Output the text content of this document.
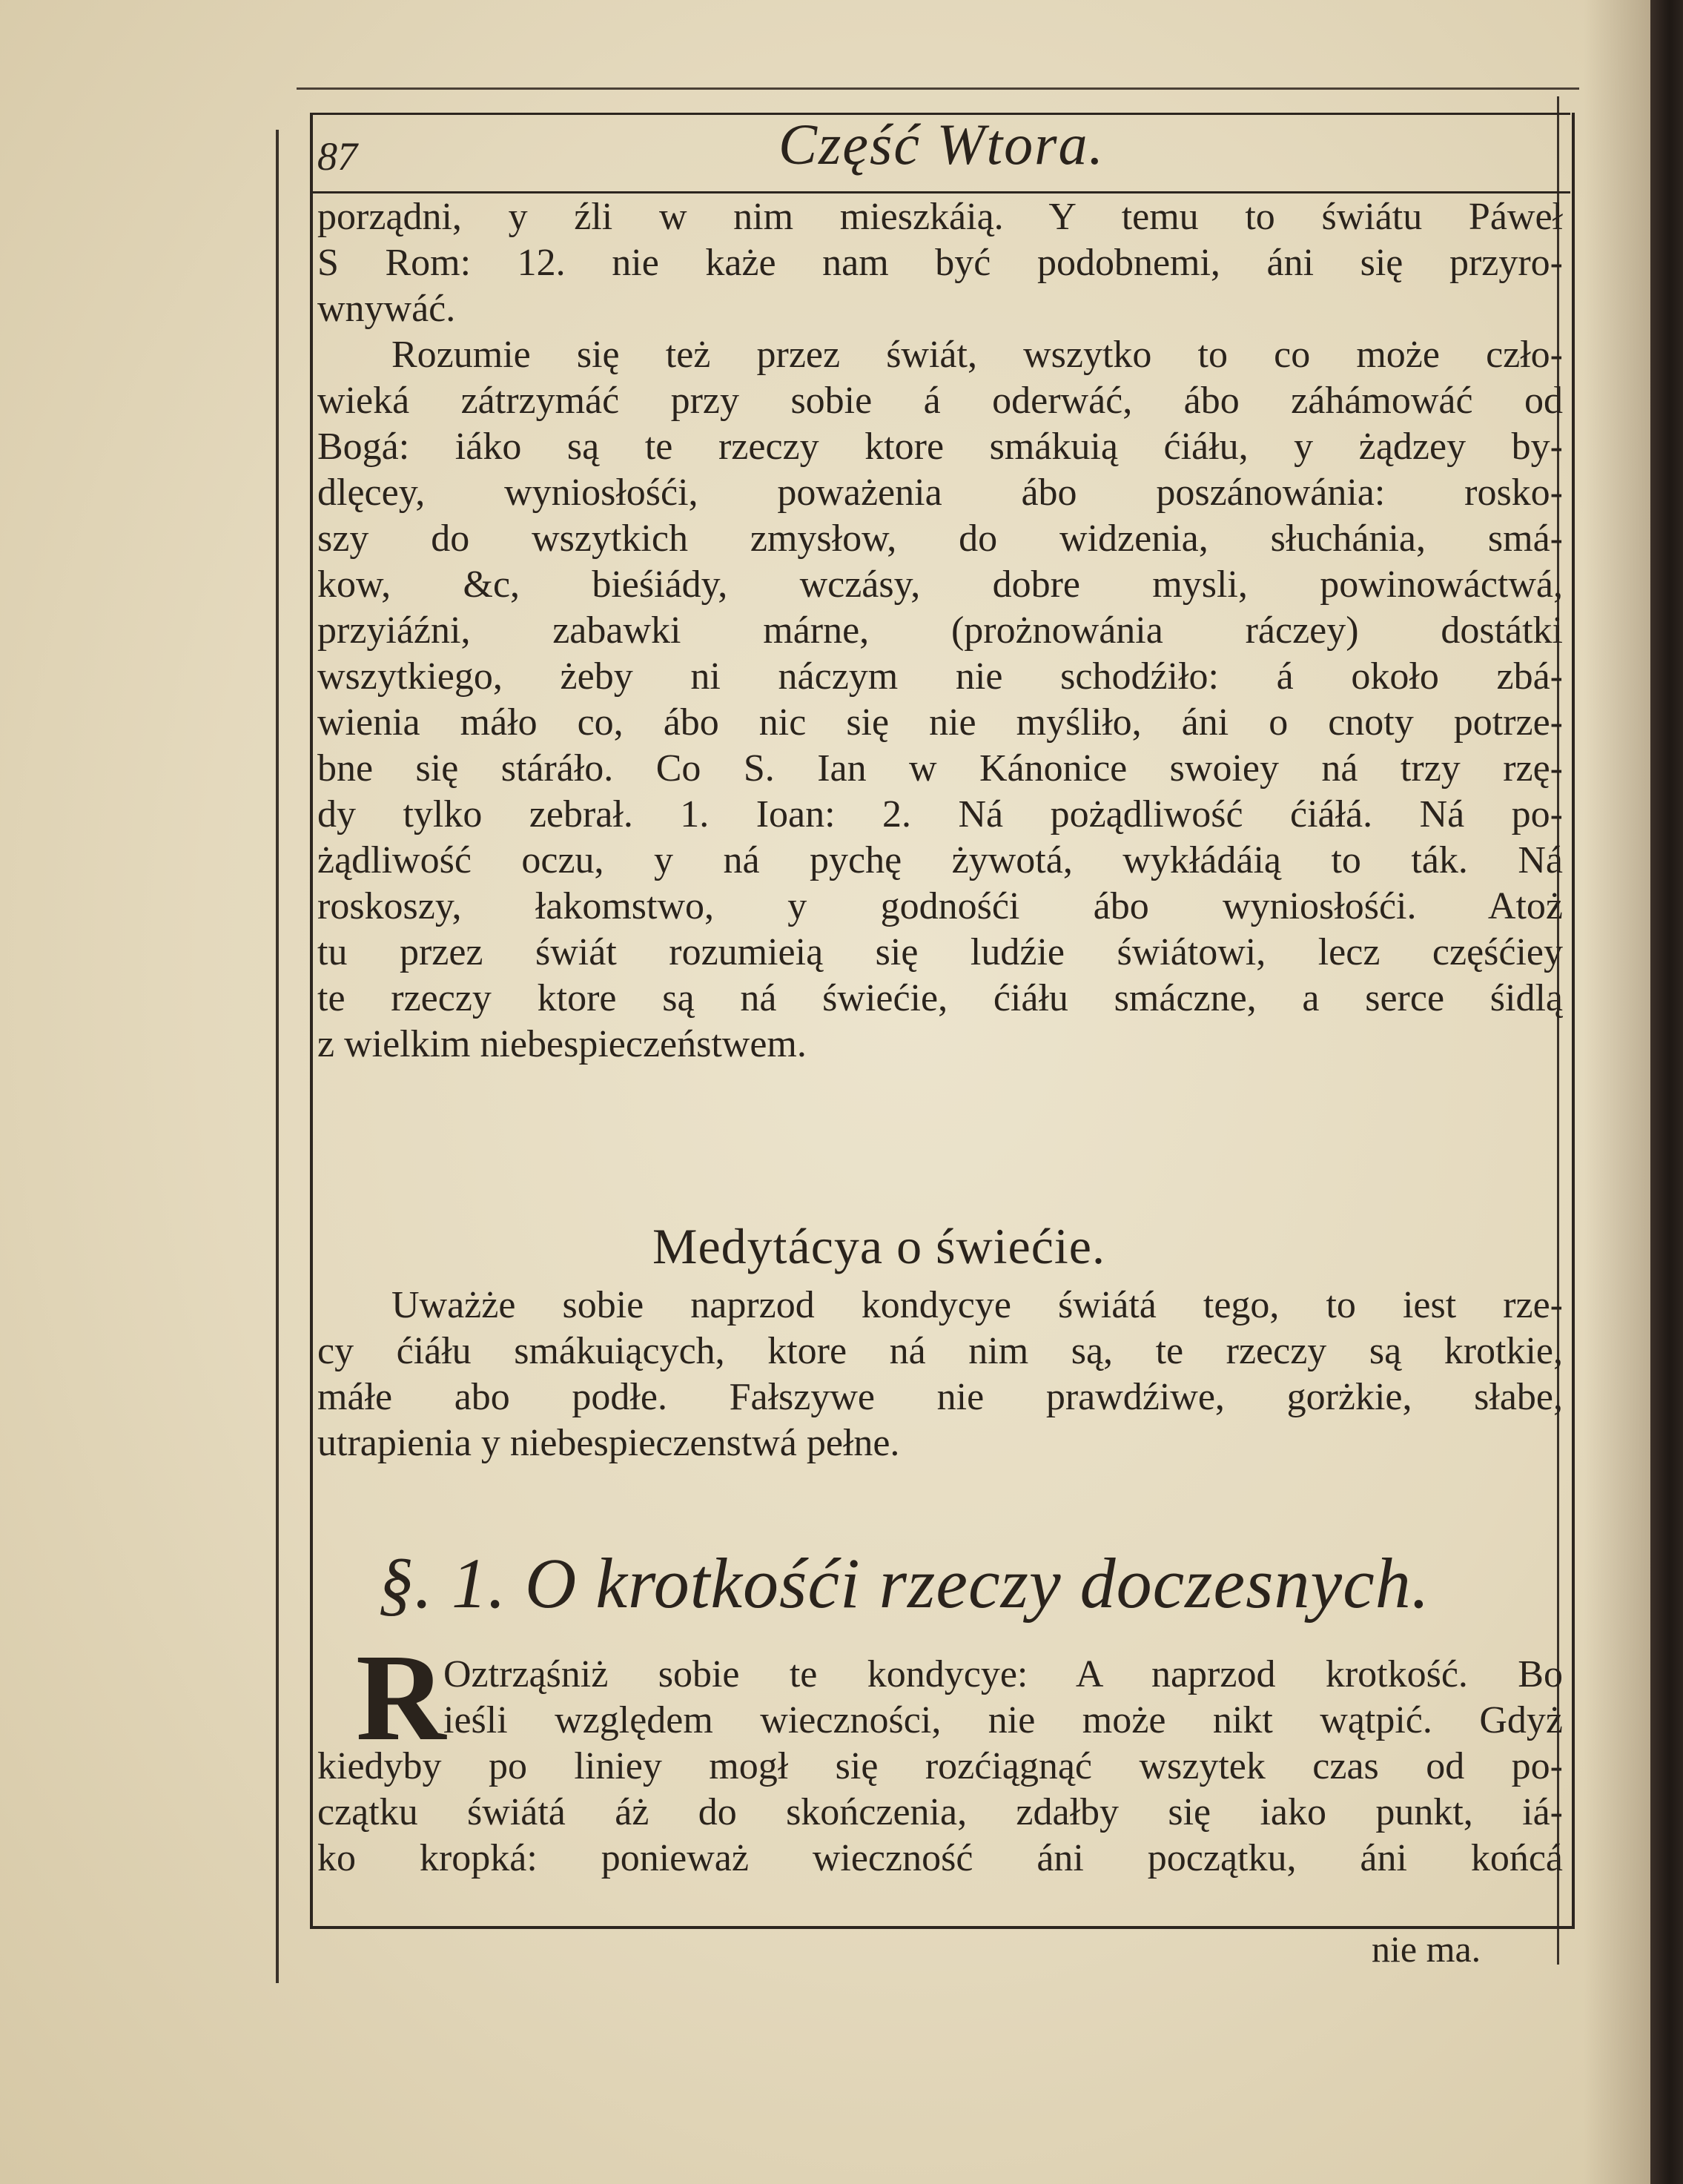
87	Część Wtora.
porządni, y źli w nim mieszkáią. Y temu to świátu Páweł
S Rom: 12. nie każe nam być podobnemi, áni się przyro-
wnywáć.
Rozumie się też przez świát, wszytko to co może czło-
wieká zátrzymáć przy sobie á oderwáć, ábo záhámowáć od
Bogá: iáko są te rzeczy ktore smákuią ćiáłu, y żądzey by-
dlęcey, wyniosłośći, poważenia ábo poszánowánia: rosko-
szy do wszytkich zmysłow, do widzenia, słuchánia, smá-
kow, &c, bieśiády, wczásy, dobre mysli, powinowáctwá,
przyiáźni, zabawki márne, (prożnowánia ráczey) dostátki
wszytkiego, żeby ni náczym nie schodźiło: á około zbá-
wienia máło co, ábo nic się nie myśliło, áni o cnoty potrze-
bne się stáráło. Co S. Ian w Kánonice swoiey ná trzy rzę-
dy tylko zebrał. 1. Ioan: 2. Ná pożądliwość ćiáłá. Ná po-
żądliwość oczu, y ná pychę żywotá, wykłádáią to ták. Ná
roskoszy, łakomstwo, y godnośći ábo wyniosłośći. Atoż
tu przez świát rozumieią się ludźie świátowi, lecz częśćiey
te rzeczy ktore są ná świećie, ćiáłu smáczne, a serce śidlą
z wielkim niebespieczeństwem.
Medytácya o świećie.
Uważże sobie naprzod kondycye świátá tego, to iest rze-
cy ćiáłu smákuiących, ktore ná nim są, te rzeczy są krotkie,
máłe abo podłe. Fałszywe nie prawdźiwe, gorżkie, słabe,
utrapienia y niebespieczenstwá pełne.
§. 1. O krotkośći rzeczy doczesnych.
R
Oztrząśniż sobie te kondycye: A naprzod krotkość. Bo
ieśli względem wieczności, nie może nikt wątpić. Gdyż
kiedyby po liniey mogł się rozćiągnąć wszytek czas od po-
czątku świátá áż do skończenia, zdałby się iako punkt, iá-
ko kropká: ponieważ wieczność áni początku, áni końcá
nie ma.
